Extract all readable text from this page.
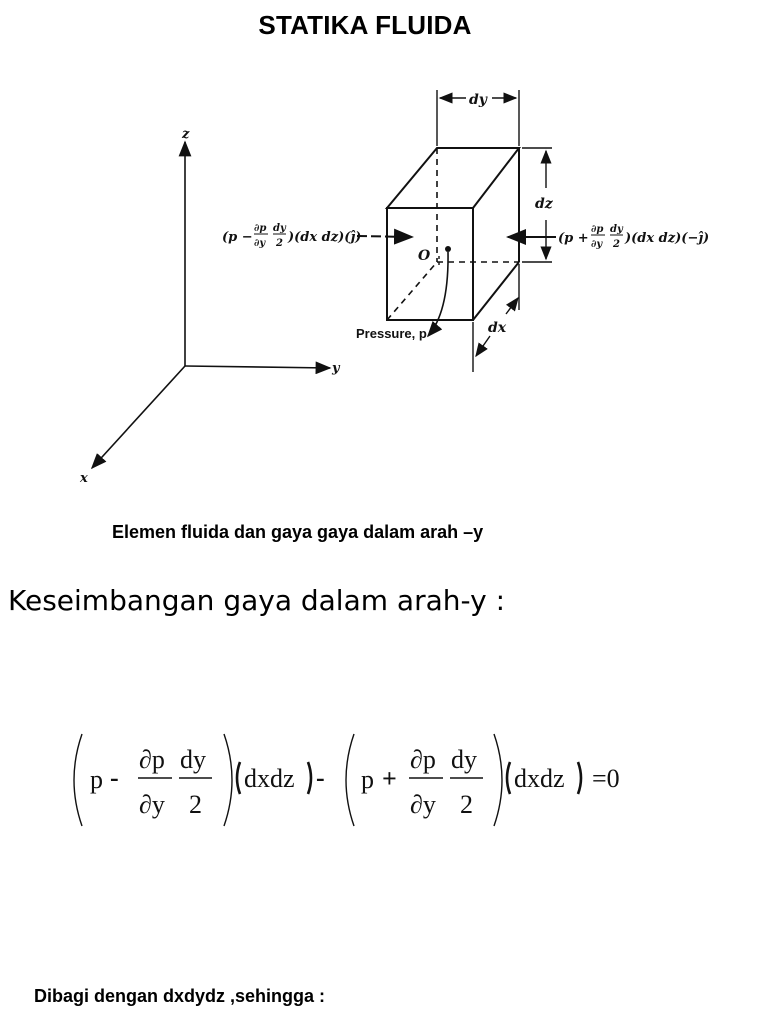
STATIKA FLUIDA
z
y
x
dy
dz
dx
O
Pressure, p
(p −
∂p
∂y
dy
2 )(dx dz)(ĵ)	(p +
∂p
∂y
dy
2 )(dx dz)(−ĵ)
Elemen fluida dan gaya gaya dalam arah –y
Keseimbangan gaya dalam arah-y :
p -
∂p
∂y
dy
2
dxdz - p +
∂p
∂y
dy
2
dxdz =0
Dibagi dengan dxdydz ,sehingga :
